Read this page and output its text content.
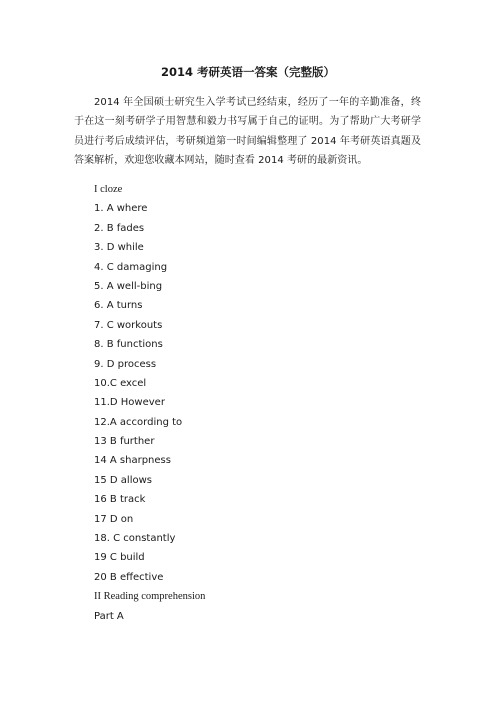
2014 考研英语一答案（完整版）
2014 年全国硕士研究生入学考试已经结束，经历了一年的辛勤准备，终于在这一刻考研学子用智慧和毅力书写属于自己的证明。为了帮助广大考研学员进行考后成绩评估，考研频道第一时间编辑整理了 2014 年考研英语真题及答案解析，欢迎您收藏本网站，随时查看 2014 考研的最新资讯。
I cloze
1. A where
2. B fades
3. D while
4. C damaging
5. A well-bing
6. A turns
7. C workouts
8. B functions
9. D process
10.C excel
11.D However
12.A according to
13 B further
14 A sharpness
15 D allows
16 B track
17 D on
18. C constantly
19 C build
20 B effective
II Reading comprehension
Part A
